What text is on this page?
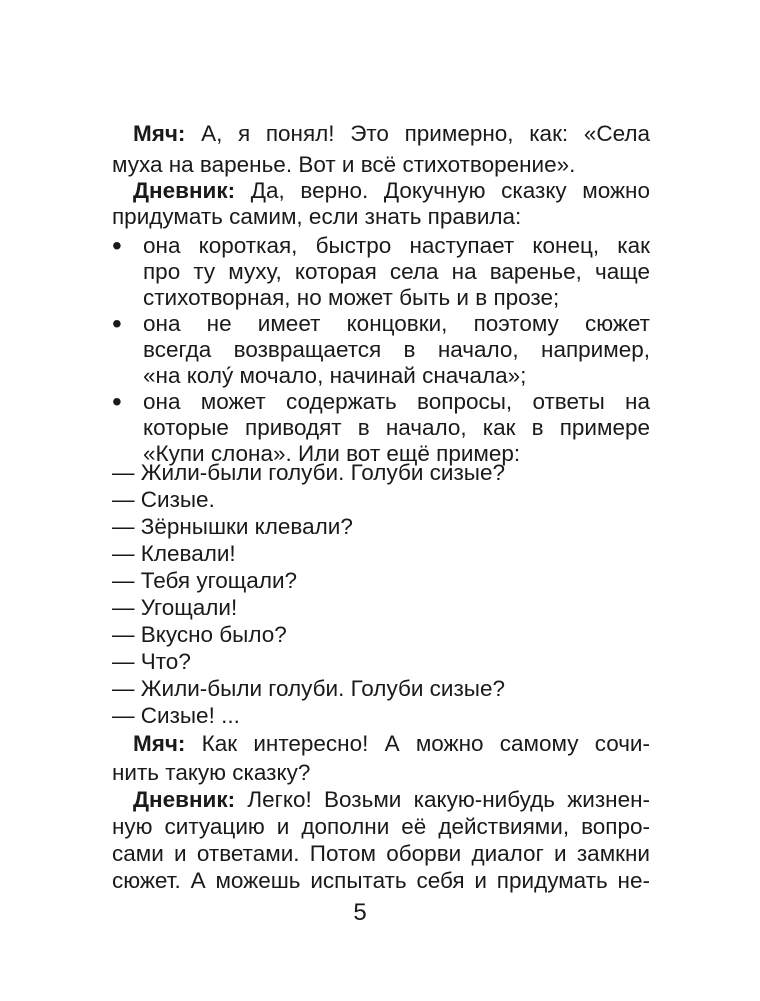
Мяч: А, я понял! Это примерно, как: «Села
муха на варенье. Вот и всё стихотворение».
Дневник: Да, верно. Докучную сказку можно
придумать самим, если знать правила:
• она короткая, быстро наступает конец, как
про ту муху, которая села на варенье, чаще
стихотворная, но может быть и в прозе;
• она не имеет концовки, поэтому сюжет
всегда возвращается в начало, например,
«на колу́ мочало, начинай сначала»;
• она может содержать вопросы, ответы на
которые приводят в начало, как в примере
«Купи слона». Или вот ещё пример:
— Жили-были голуби. Голуби сизые?
— Сизые.
— Зёрнышки клевали?
— Клевали!
— Тебя угощали?
— Угощали!
— Вкусно было?
— Что?
— Жили-были голуби. Голуби сизые?
— Сизые! ...
Мяч: Как интересно! А можно самому сочи-
нить такую сказку?
5
Дневник: Легко! Возьми какую-нибудь жизнен-
ную ситуацию и дополни её действиями, вопро-
сами и ответами. Потом оборви диалог и замкни
сюжет. А можешь испытать себя и придумать не-
